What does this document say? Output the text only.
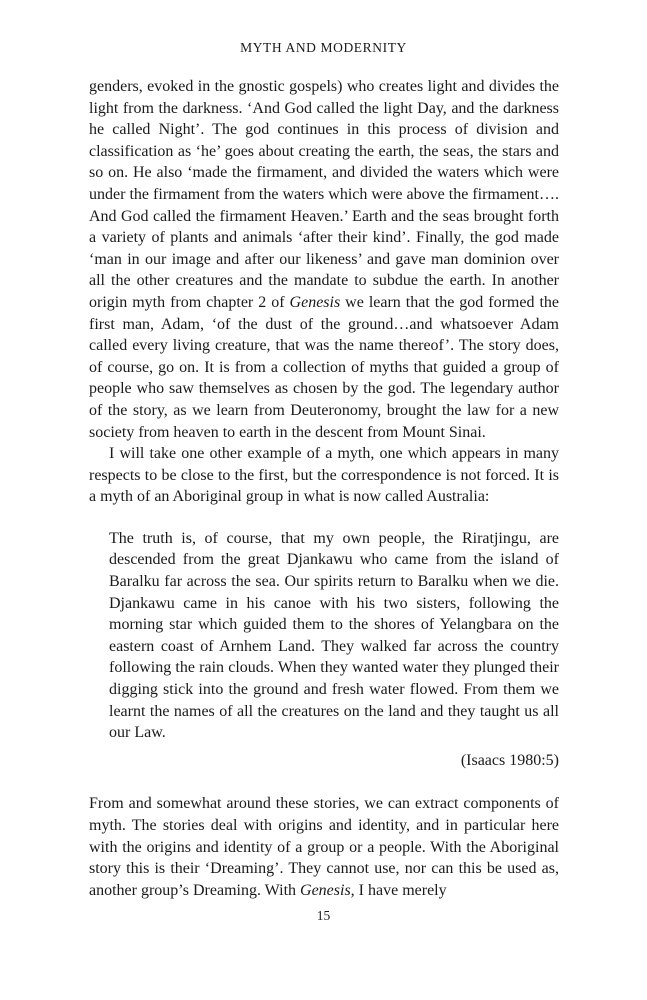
MYTH AND MODERNITY

genders, evoked in the gnostic gospels) who creates light and divides the light from the darkness. ‘And God called the light Day, and the darkness he called Night’. The god continues in this process of division and classification as ‘he’ goes about creating the earth, the seas, the stars and so on. He also ‘made the firmament, and divided the waters which were under the firmament from the waters which were above the firmament…. And God called the firmament Heaven.’ Earth and the seas brought forth a variety of plants and animals ‘after their kind’. Finally, the god made ‘man in our image and after our likeness’ and gave man dominion over all the other creatures and the mandate to subdue the earth. In another origin myth from chapter 2 of Genesis we learn that the god formed the first man, Adam, ‘of the dust of the ground…and whatsoever Adam called every living creature, that was the name thereof’. The story does, of course, go on. It is from a collection of myths that guided a group of people who saw themselves as chosen by the god. The legendary author of the story, as we learn from Deuteronomy, brought the law for a new society from heaven to earth in the descent from Mount Sinai.

I will take one other example of a myth, one which appears in many respects to be close to the first, but the correspondence is not forced. It is a myth of an Aboriginal group in what is now called Australia:

The truth is, of course, that my own people, the Riratjingu, are descended from the great Djankawu who came from the island of Baralku far across the sea. Our spirits return to Baralku when we die. Djankawu came in his canoe with his two sisters, following the morning star which guided them to the shores of Yelangbara on the eastern coast of Arnhem Land. They walked far across the country following the rain clouds. When they wanted water they plunged their digging stick into the ground and fresh water flowed. From them we learnt the names of all the creatures on the land and they taught us all our Law.

(Isaacs 1980:5)

From and somewhat around these stories, we can extract components of myth. The stories deal with origins and identity, and in particular here with the origins and identity of a group or a people. With the Aboriginal story this is their ‘Dreaming’. They cannot use, nor can this be used as, another group’s Dreaming. With Genesis, I have merely

15
